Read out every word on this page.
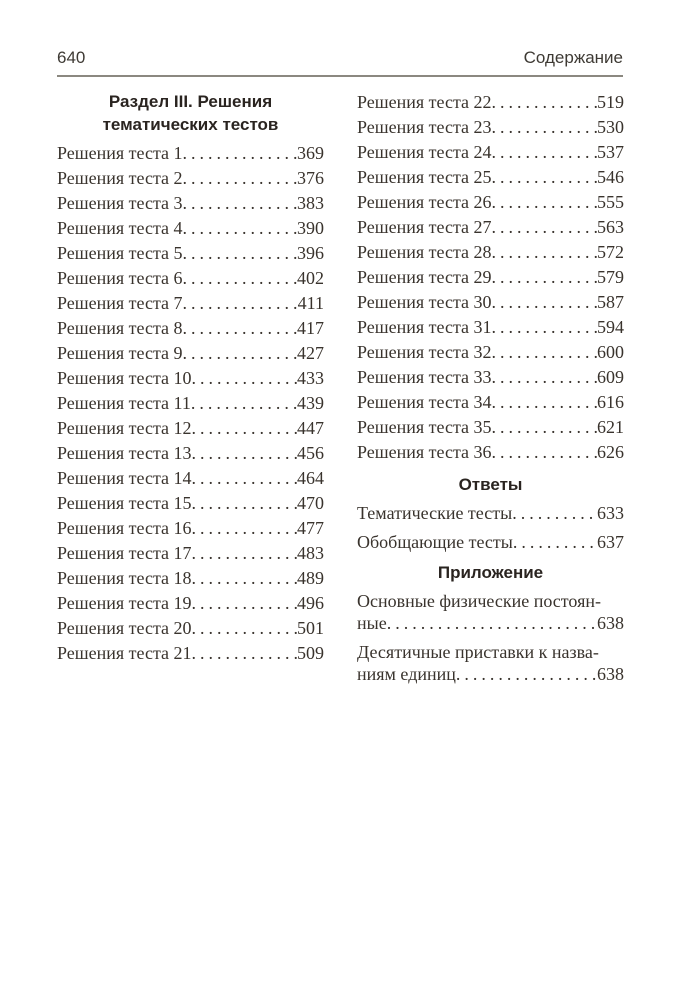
640	Содержание
Раздел III. Решения
тематических тестов
Решения теста 1 .....	369
Решения теста 2 .....	376
Решения теста 3 .....	383
Решения теста 4 .....	390
Решения теста 5 .....	396
Решения теста 6 .....	402
Решения теста 7 .....	411
Решения теста 8 .....	417
Решения теста 9 .....	427
Решения теста 10 .....	433
Решения теста 11 .....	439
Решения теста 12 .....	447
Решения теста 13 .....	456
Решения теста 14 .....	464
Решения теста 15 .....	470
Решения теста 16 .....	477
Решения теста 17 .....	483
Решения теста 18 .....	489
Решения теста 19 .....	496
Решения теста 20 .....	501
Решения теста 21 .....	509
Решения теста 22 .....	519
Решения теста 23 .....	530
Решения теста 24 .....	537
Решения теста 25 .....	546
Решения теста 26 .....	555
Решения теста 27 .....	563
Решения теста 28 .....	572
Решения теста 29 .....	579
Решения теста 30 .....	587
Решения теста 31 .....	594
Решения теста 32 .....	600
Решения теста 33 .....	609
Решения теста 34 .....	616
Решения теста 35 .....	621
Решения теста 36 .....	626
Ответы
Тематические тесты .....	633
Обобщающие тесты .....	637
Приложение
Основные физические постоян-
ные .....	638
Десятичные приставки к назва-
ниям единиц .....	638
